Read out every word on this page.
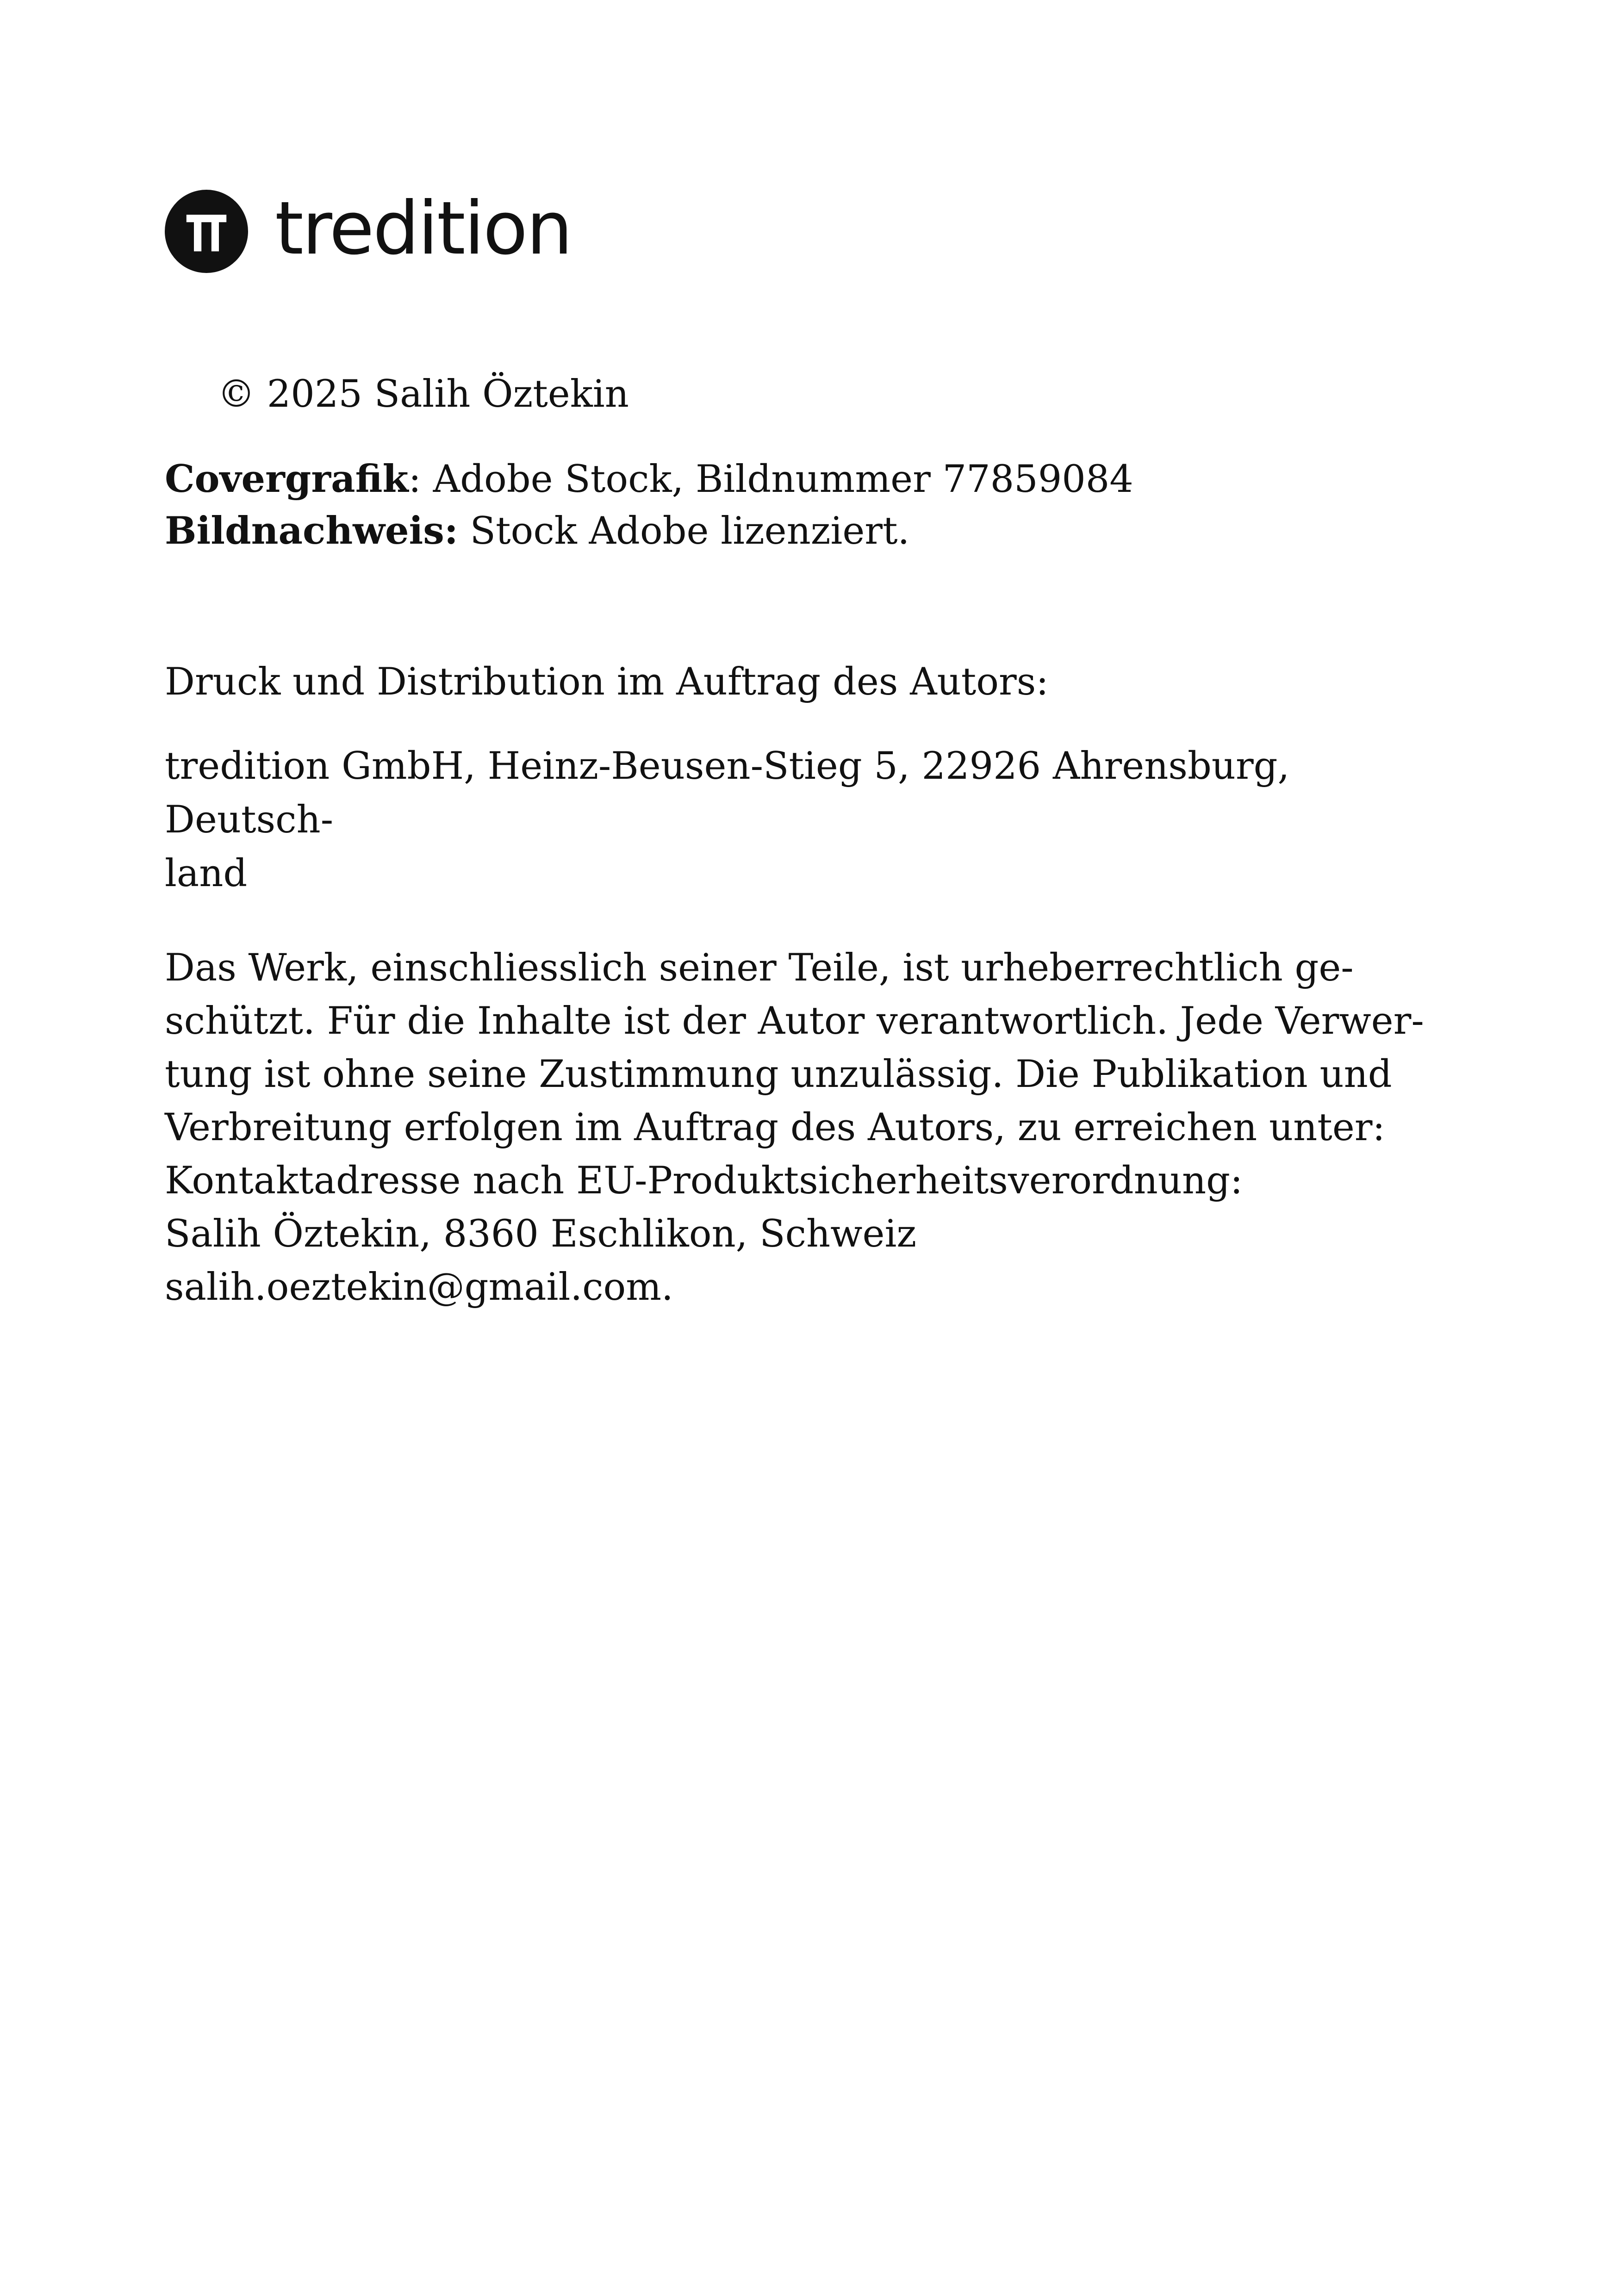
tredition
© 2025 Salih Öztekin
Covergrafik: Adobe Stock, Bildnummer 77859084
Bildnachweis: Stock Adobe lizenziert.
Druck und Distribution im Auftrag des Autors:
tredition GmbH, Heinz-Beusen-Stieg 5, 22926 Ahrensburg, Deutsch-
land
Das Werk, einschliesslich seiner Teile, ist urheberrechtlich ge-
schützt. Für die Inhalte ist der Autor verantwortlich. Jede Verwer-
tung ist ohne seine Zustimmung unzulässig. Die Publikation und
Verbreitung erfolgen im Auftrag des Autors, zu erreichen unter:
Kontaktadresse nach EU-Produktsicherheitsverordnung:
Salih Öztekin, 8360 Eschlikon, Schweiz
salih.oeztekin@gmail.com.
